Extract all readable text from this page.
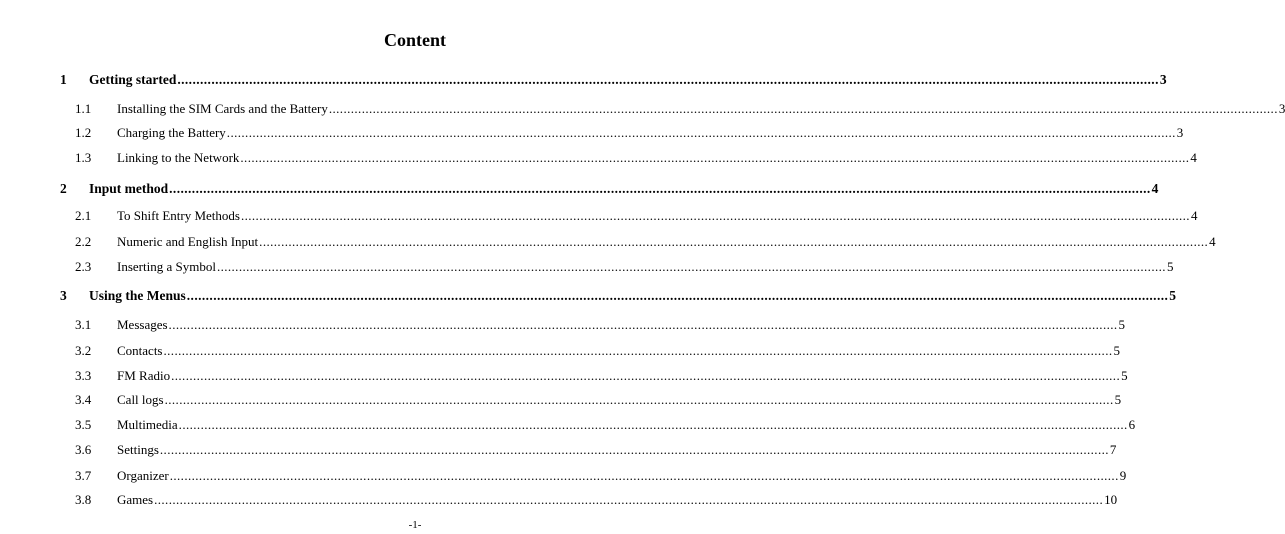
Content
1	Getting started .................................................................................................................................................................................................................................................................... 3
1.1	Installing the SIM Cards and the Battery .................................................................................................................................................................................................................................................................... 3
1.2	Charging the Battery .................................................................................................................................................................................................................................................................... 3
1.3	Linking to the Network .................................................................................................................................................................................................................................................................... 4
2	Input method .................................................................................................................................................................................................................................................................... 4
2.1	To Shift Entry Methods .................................................................................................................................................................................................................................................................... 4
2.2	Numeric and English Input .................................................................................................................................................................................................................................................................... 4
2.3	Inserting a Symbol .................................................................................................................................................................................................................................................................... 5
3	Using the Menus .................................................................................................................................................................................................................................................................... 5
3.1	Messages .................................................................................................................................................................................................................................................................... 5
3.2	Contacts .................................................................................................................................................................................................................................................................... 5
3.3	FM Radio .................................................................................................................................................................................................................................................................... 5
3.4	Call logs .................................................................................................................................................................................................................................................................... 5
3.5	Multimedia .................................................................................................................................................................................................................................................................... 6
3.6	Settings .................................................................................................................................................................................................................................................................... 7
3.7	Organizer .................................................................................................................................................................................................................................................................... 9
3.8	Games .................................................................................................................................................................................................................................................................... 10
-1-
